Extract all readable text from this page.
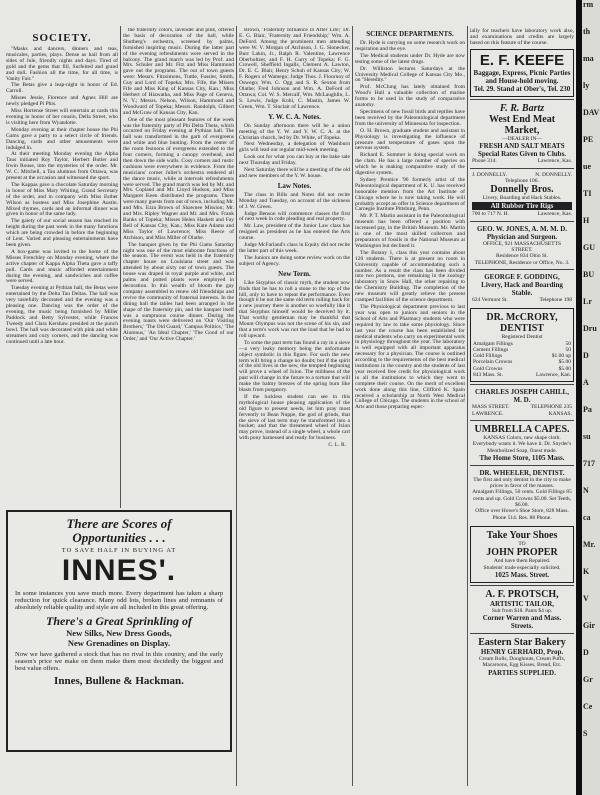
rm
th
ma
ly
DAV
PE
ue
TI
H
GU
BU
Lr
Dru
D
A
Pa
su
717
N
ca
Mr.
K
V
Gir
D
Gr
Ce
S
SOCIETY.

"Masks and dancers, dinners and teas, musicales, parties, plays. Dense as hail from all sides of Jule, friendly nights and days. Tired of gold and the gems that fill, Surfeited and grand and dull. Fashion all the time, for all time, is Vanity Fair."

The Betas give a leap-night in honor of Ed. Carroll.

Misses Jessie, Florence and Agnes Hill are newly pledged Pi Phis.

Miss Hortense Street will entertain at cards this evening in honor of her cousin, Della Street, who is visiting here from Wyandotte.

Monday evening at their chapter house the Phi Gams gave a party to a select circle of friends. Dancing, cards and other amusements were indulged in.

At their meeting Monday evening the Alpha Taus initiated Roy Taylor, Herbert Butler and Irwin Rouse, into the mysteries of the order. Mr. W. C. Mitchell, a Tau alumnus from Ottawa, was present at the occasion and witnessed the sport.

The Kappas gave a chocolate Saturday morning in honor of Miss Mary Whiting, Grand Secretary of the order, and in company with Miss Esther Wilson as hostess and Miss Josephine Austin. Mixed rhymes, cards and an informal dinner was given in honor of the same lady.

The gaiety of our social season has reached its height during the past week in the many functions which are being crowded in before the beginning of Lent. Varied and pleasing entertainments have been given.

A box-game was invited to the home of the Misses Frenchley on Monday evening, where the active chapter of Kappa Alpha Theta gave a taffy pull. Cards and music afforded entertainment during the evening, and sandwiches and coffee were served.

Tuesday evening at Pythian hall, the Betas were entertained by the Delta Tau Deltas. The hall was very tastefully decorated and the evening was a pleasing one. Dancing was the order of the evening, the music being furnished by Miller Paddock and Betty Sylvester, while Frances Tweedy and Clara Kershaw presided at the punch bowl. The hall was decorated with pink and white streamers and cozy corners, and the dancing was continued until a late hour.

the fraternity colors, lavender and pink, offered the basis of decoration of the hall, while Shutberg's orchestra, screened by palms, furnished inspiring music. During the latter part of the evening refreshments were served in the balcony. The grand march was led by Prof. and Mrs. Schuler and Mr. Fitz and Miss Hammond gave out the programs. The out of town guests were: Messrs. Fitzsimons, Tuttle, Fussler, Smith, Guy and Lord of Topeka; Mrs. Fife, the Misses Fife and Miss King of Kansas City, Kan.; Miss Herbert of Hiawatha, and Miss Page of Geneva, N. Y.; Messrs. Nelson, Wilson, Hammond and Woodward of Topeka; Messrs. Randolph, Gilbert and McGraw of Kansas City, Kan.

One of the most pleasant features of the week was the fraternity party of Phi Delta Theta, which occurred on Friday evening at Pythian hall. The hall was transformed in the garb of evergreens and white and blue bunting. From the center of the room festoons of evergreens extended to the four corners, forming a canopy overhead, and then down the side walls. Cosy corners and rustic cushions were everywhere in evidence. From the musicians' corner Julier's orchestra rendered all the dance music, while at intervals refreshments were served. The grand march was led by Mr. and Mrs. Copland and Mr. Lloyd Hudson, and Miss Margaret Keen distributed the programs. There were many guests from out of town, including Mr. and Mrs. Ezra Brown of Shawnee Mission; Mr. and Mrs. Ripley Wagner and Mr. and Mrs. Frank Banks of Topeka; Misses Helen Haskett and Fay Bell of Kansas City, Kan.; Miss Kate Adams and Miss Taylor of Lawrence; Miss Reece of Atchison, and Miss Miller of Olathe.

The banquet given by the Phi Gams Saturday night was one of the most elaborate functions of the season. The event was held in the fraternity chapter house on Louisiana street and was attended by about sixty out of town guests. The house was draped in royal purple and white, and palms and potted plants were employed in decoration. In this wealth of bloom the gay company assembled to renew old friendships and revive the community of fraternal interests. In the dining hall the tables had been arranged in the shape of the fraternity pin, and the banquet itself was a sumptuous course dinner. During the evening toasts were delivered on 'Our Visiting Brothers,' 'The Old Guard,' 'Campus Politics,' 'The Alumnus,' 'An Ideal Chapter,' 'The Good of our Order,' and 'Our Active Chapter.'

There are Scores of
Opportunities . . .
TO SAVE HALF IN BUYING AT
INNES'.
In some instances you save much more. Every department has taken a sharp reduction for quick clearance. Many odd lots, broken lines and remnants of absolutely reliable quality and style are all included in this great offering.
There's a Great Sprinkling of
New Silks, New Dress Goods,
New Grenadines on Display.
Now we have gathered a stock that has no rival in this country, and the early season's price we make on them make them most decidedly the biggest and best value offers.
Innes, Bullene & Hackman.

Brown, 'Fraternity Influence in After Life;' Dr. E. G. Blair, 'Fraternity and Friendship;' Wm. A. DeFord. Among the prominent men attending were W. V. Morgan of Atchison, J. G. Slonecker, Burr Lakin, Jr., Ralph R. Valentine, Lawrence Oberholtzer, and F. H. Curry of Topeka; F. G. Crowell, Sheffield Ingalls, Clement A. Lawton, Dr. E. C. Blair, Henry Schuh of Kansas City; W. F. Rogers of Wamego; Judge Thos. J. Flournoy of Oswego; Wm. G. Ogg and S. R. Sexton from Olathe; Fred Johnson and Wm. A. DeFord of Ottawa; Col. W. S. Metcalf, Wm. McLaughlin, L. S. Lewis, Judge Kohl, C. Mastin, James W. Green, Wm. T. Sinclair of Lawrence.

Y. W. C. A. Notes.

On Sunday afternoon there will be a union meeting of the Y. W. and Y. W. C. A. at the Christian church, led by Dr. White, of Topeka.

Next Wednesday, a delegation of Washburn girls will lead our regular mid-week meeting.

Look out for what you can buy at the bake sale next Thursday and Friday.

Next Saturday there will be a meeting of the old and new members of the Y. W. house.

Law Notes.

The class in Bills and Notes did not recite Monday and Tuesday, on account of the sickness of J. W. Green.

Judge Benson will commence classes the first of next week in code pleading and real property.

Mr. Law, president of the Junior Law class has resigned as president as he has entered the Arts course.

Judge McFarland's class in Equity did not recite the latter part of this week.

The Juniors are doing some review work on the subject of Agency.

New Term.

Like Sisyphus of classic myth, the student now finds that he has to roll a stone to the top of the hill, only to have to repeat the performance. Even though it be not the same old term rolling back for a new journey there is another so woefully like it that Sisyphus himself would be deceived by it. That worthy gentleman may be thankful that Mount Olympus was not the scene of his sin, and that a term's work was not the load that he had to roll upward.

To some the past term has found a ray in a sieve—a very leaky memory being the unfortunate object symbolic in this figure. For such the new term will bring a change no doubt; but if the spirit of the old lives in the new, the tempted beginning will prove a wheel of Ixion. The mildness of the past will change in the future to a torture that will make the balmy breezes of the spring burn like blasts from purgatory.

If the luckless student can see in this mythological house pleasing application of the old figure to present needs, let him pray most fervently to Bean Nuppe, the god of grinds, that the sieve of last term may be transformed into a bucket; and that the threatened wheel of Ixion may prove, instead of a single wheel, a whole cart with pony harnessed and ready for business.

C. L. R.
SCIENCE DEPARTMENTS.

Dr. Hyde is carrying on some research work on respiration and the eye.

The Medical students under Dr. Hyde are now testing some of the latest drugs.

Dr. Williston lectures Saturdays at the University Medical College of Kansas City Mo., on "Heredity."

Prof. McClung has lately obtained from Wood's Hall a valuable collection of marine forms to be used in the study of comparative anatomy.

Specimens of new fossil birds and reptiles have been received by the Paleontological department from the university of Minnesota for inspection.

O. H. Brown, graduate student and assistant in Physiology is investigating the influence of pressure and temperature of gases upon the nervous system.

Richard E. Sommer is doing special work on the clam. He has a large number of species on which he is making comparative study of the digestive system.

Sydney Prentice '96 formerly artist of the Paleontological department of K. U. has received honorable mention from the Art Institute of Chicago where he is now taking work. He will probably accept an offer in Science department of Carnegie Institute Pittsburg, Penn.

Mr. P. T. Martin assistant in the Paleontological museum has been offered a position with increased pay, in the British Museum. Mr. Martin is one of the most skilled collectors and preparators of fossils in the National Museum at Washington but declined it.

The Botany 1, class this year contains about 120 students. There is at present no room in University capable of accommodating such a number. As a result the class has been divided into two portions, one remaining in the zoology laboratory in Snow Hall, the other repairing to the Chemistry Building. The completion of the new museum will greatly relieve the present cramped facilities of the science department.

The Physiological department previous to last year was open to juniors and seniors in the School of Arts and Pharmacy students who were required by law to take some physiology. Since last year the course has been established for medical students who carry on experimental work in physiology throughout the year. The laboratory is well equipped with all important apparatus necessary for a physician. The course is outlined according to the requirements of the best medical institutions in the country and the students of last year received free credit for physiological work in all the institutions to which they went to complete their course. On the merit of excellent work done along this line, Clifford K. Spain received a scholarship at North West Medical College of Chicago. The students in the school of Arts and those preparing espec-

ially for teachers have laboratory work also, and examinations and credits are largely based on this feature of the course.
E. F. KEEFE
Baggage, Express, Picnic Parties and House-hold moving.
Tel. 29. Stand at Ober's, Tel. 230
F. R. Bartz
West End Meat Market,
—DEALER IN—
FRESH AND SALT MEATS
Special Rates Given to Clubs.
Phone 314.	Lawrence, Kas.
J. DONNELLY.	N. DONNELLY.
Telephone 106.
Donnelly Bros.
Livery, Boarding and Hack Stables.
All Rubber Tire Rigs
700 to 717 N. H.	Lawrence, Kas.
GEO. W. JONES, A. M. M. D.
Physician and Surgeon.
OFFICE, 921 MASSACHUSETTS STREET.
Residence 834 Ohio St.
TELEPHONE, Residence or Office, No. 3.
GEORGE F. GODDING,
Livery, Hack and Boarding Stable.
624 Vermont St.	Telephone 198
DR. McCRORY,
DENTIST
Registered Dentist
Amalgam Fillings	50
Cement Fillings	50
Gold Fillings	$1.00 up
Porcelain Crowns	$5.00
Gold Crowns	$5.00
843 Mass. St.	Lawrence, Kan.
CHARLES JOSEPH CAHILL, M. D.
MASS STREET.	TELEPHONE 235
LAWRENCE.	KANSAS.
UMBRELLA CAPES.
KANSAS Colors, new shape cloth. Everybody wants it. We have it. Dr. Snyder's Mentholized Soap, finest made.
The Home Store, 1105 Mass.
DR. WHEELER, DENTIST.
The first and only dentist in the city to make prices in favor of the masses.
Amalgam Fillings, 50 cents. Gold Fillings 85 cents and up. Gold Crowns $5.00. Set Teeth, $6.00.
Office over Howe's Shoe Store, 828 Mass. Phone 514. Res. 88 Phone.
Take Your Shoes
TO
JOHN PROPER
And have them Repaired.
Students' trade especially solicited.
1025 Mass. Street.
A. F. PROTSCH,
ARTISTIC TAILOR,
Suit from $18. Pants $4 up.
Corner Warren and Mass. Streets.
Eastern Star Bakery
HENRY GERHARD, Prop.
Cream Rolls, Doughnuts, Cream Puffs, Macaroons, Egg Kisses, Bread, Etc.
PARTIES SUPPLIED.
